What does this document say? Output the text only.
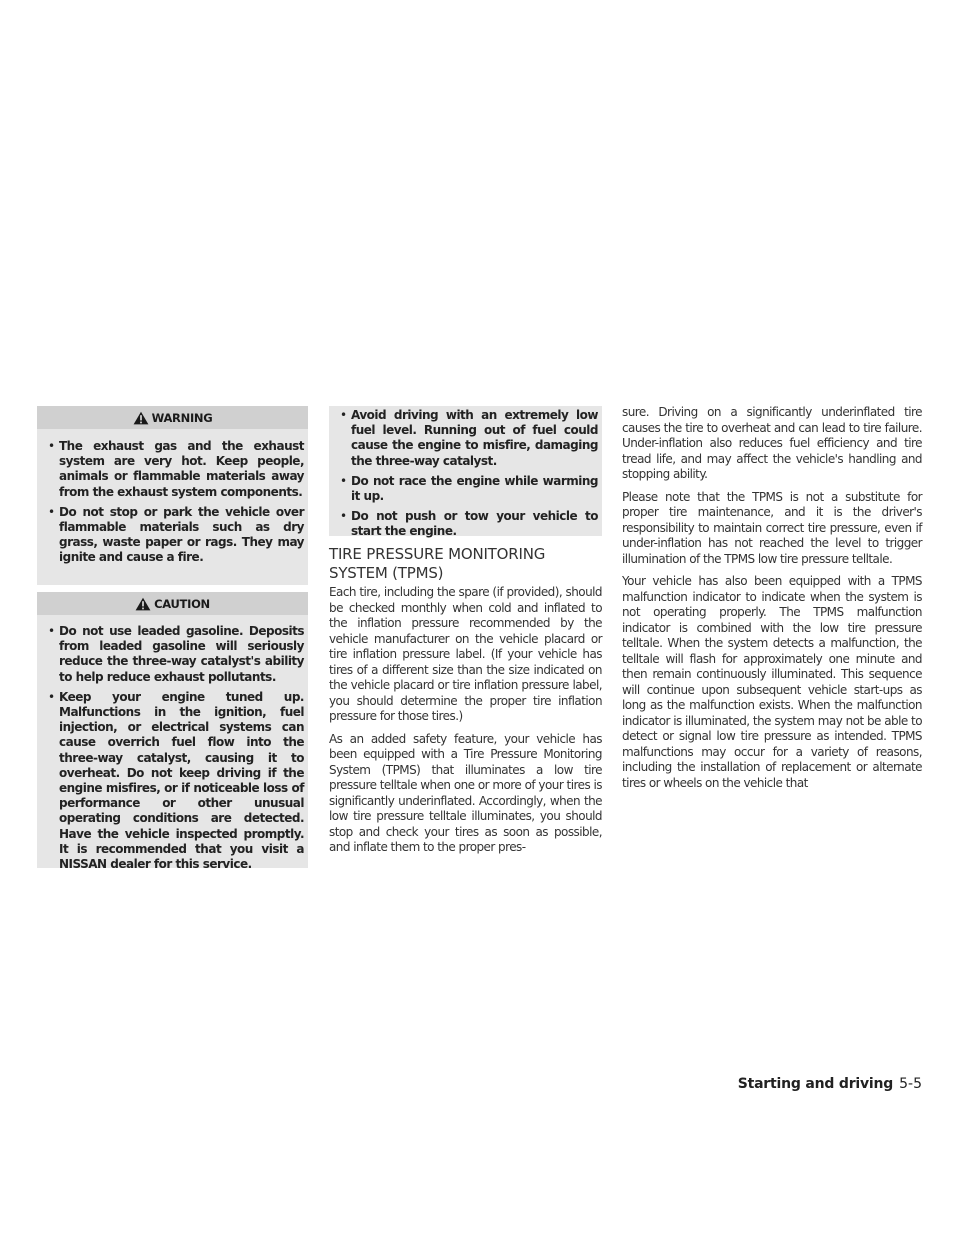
WARNING
• The exhaust gas and the exhaust system are very hot. Keep people, animals or flammable materials away from the exhaust system components.
• Do not stop or park the vehicle over flammable materials such as dry grass, waste paper or rags. They may ignite and cause a fire.
CAUTION
• Do not use leaded gasoline. Deposits from leaded gasoline will seriously reduce the three-way catalyst's ability to help reduce exhaust pollutants.
• Keep your engine tuned up. Malfunctions in the ignition, fuel injection, or electrical systems can cause overrich fuel flow into the three-way catalyst, causing it to overheat. Do not keep driving if the engine misfires, or if noticeable loss of performance or other unusual operating conditions are detected. Have the vehicle inspected promptly. It is recommended that you visit a NISSAN dealer for this service.
• Avoid driving with an extremely low fuel level. Running out of fuel could cause the engine to misfire, damaging the three-way catalyst.
• Do not race the engine while warming it up.
• Do not push or tow your vehicle to start the engine.
TIRE PRESSURE MONITORING
SYSTEM (TPMS)

Each tire, including the spare (if provided), should be checked monthly when cold and inflated to the inflation pressure recommended by the vehicle manufacturer on the vehicle placard or tire inflation pressure label. (If your vehicle has tires of a different size than the size indicated on the vehicle placard or tire inflation pressure label, you should determine the proper tire inflation pressure for those tires.)

As an added safety feature, your vehicle has been equipped with a Tire Pressure Monitoring System (TPMS) that illuminates a low tire pressure telltale when one or more of your tires is significantly underinflated. Accordingly, when the low tire pressure telltale illuminates, you should stop and check your tires as soon as possible, and inflate them to the proper pres-

sure. Driving on a significantly underinflated tire causes the tire to overheat and can lead to tire failure. Under-inflation also reduces fuel efficiency and tire tread life, and may affect the vehicle's handling and stopping ability.

Please note that the TPMS is not a substitute for proper tire maintenance, and it is the driver's responsibility to maintain correct tire pressure, even if under-inflation has not reached the level to trigger illumination of the TPMS low tire pressure telltale.

Your vehicle has also been equipped with a TPMS malfunction indicator to indicate when the system is not operating properly. The TPMS malfunction indicator is combined with the low tire pressure telltale. When the system detects a malfunction, the telltale will flash for approximately one minute and then remain continuously illuminated. This sequence will continue upon subsequent vehicle start-ups as long as the malfunction exists. When the malfunction indicator is illuminated, the system may not be able to detect or signal low tire pressure as intended. TPMS malfunctions may occur for a variety of reasons, including the installation of replacement or alternate tires or wheels on the vehicle that

Starting and driving 5-5
